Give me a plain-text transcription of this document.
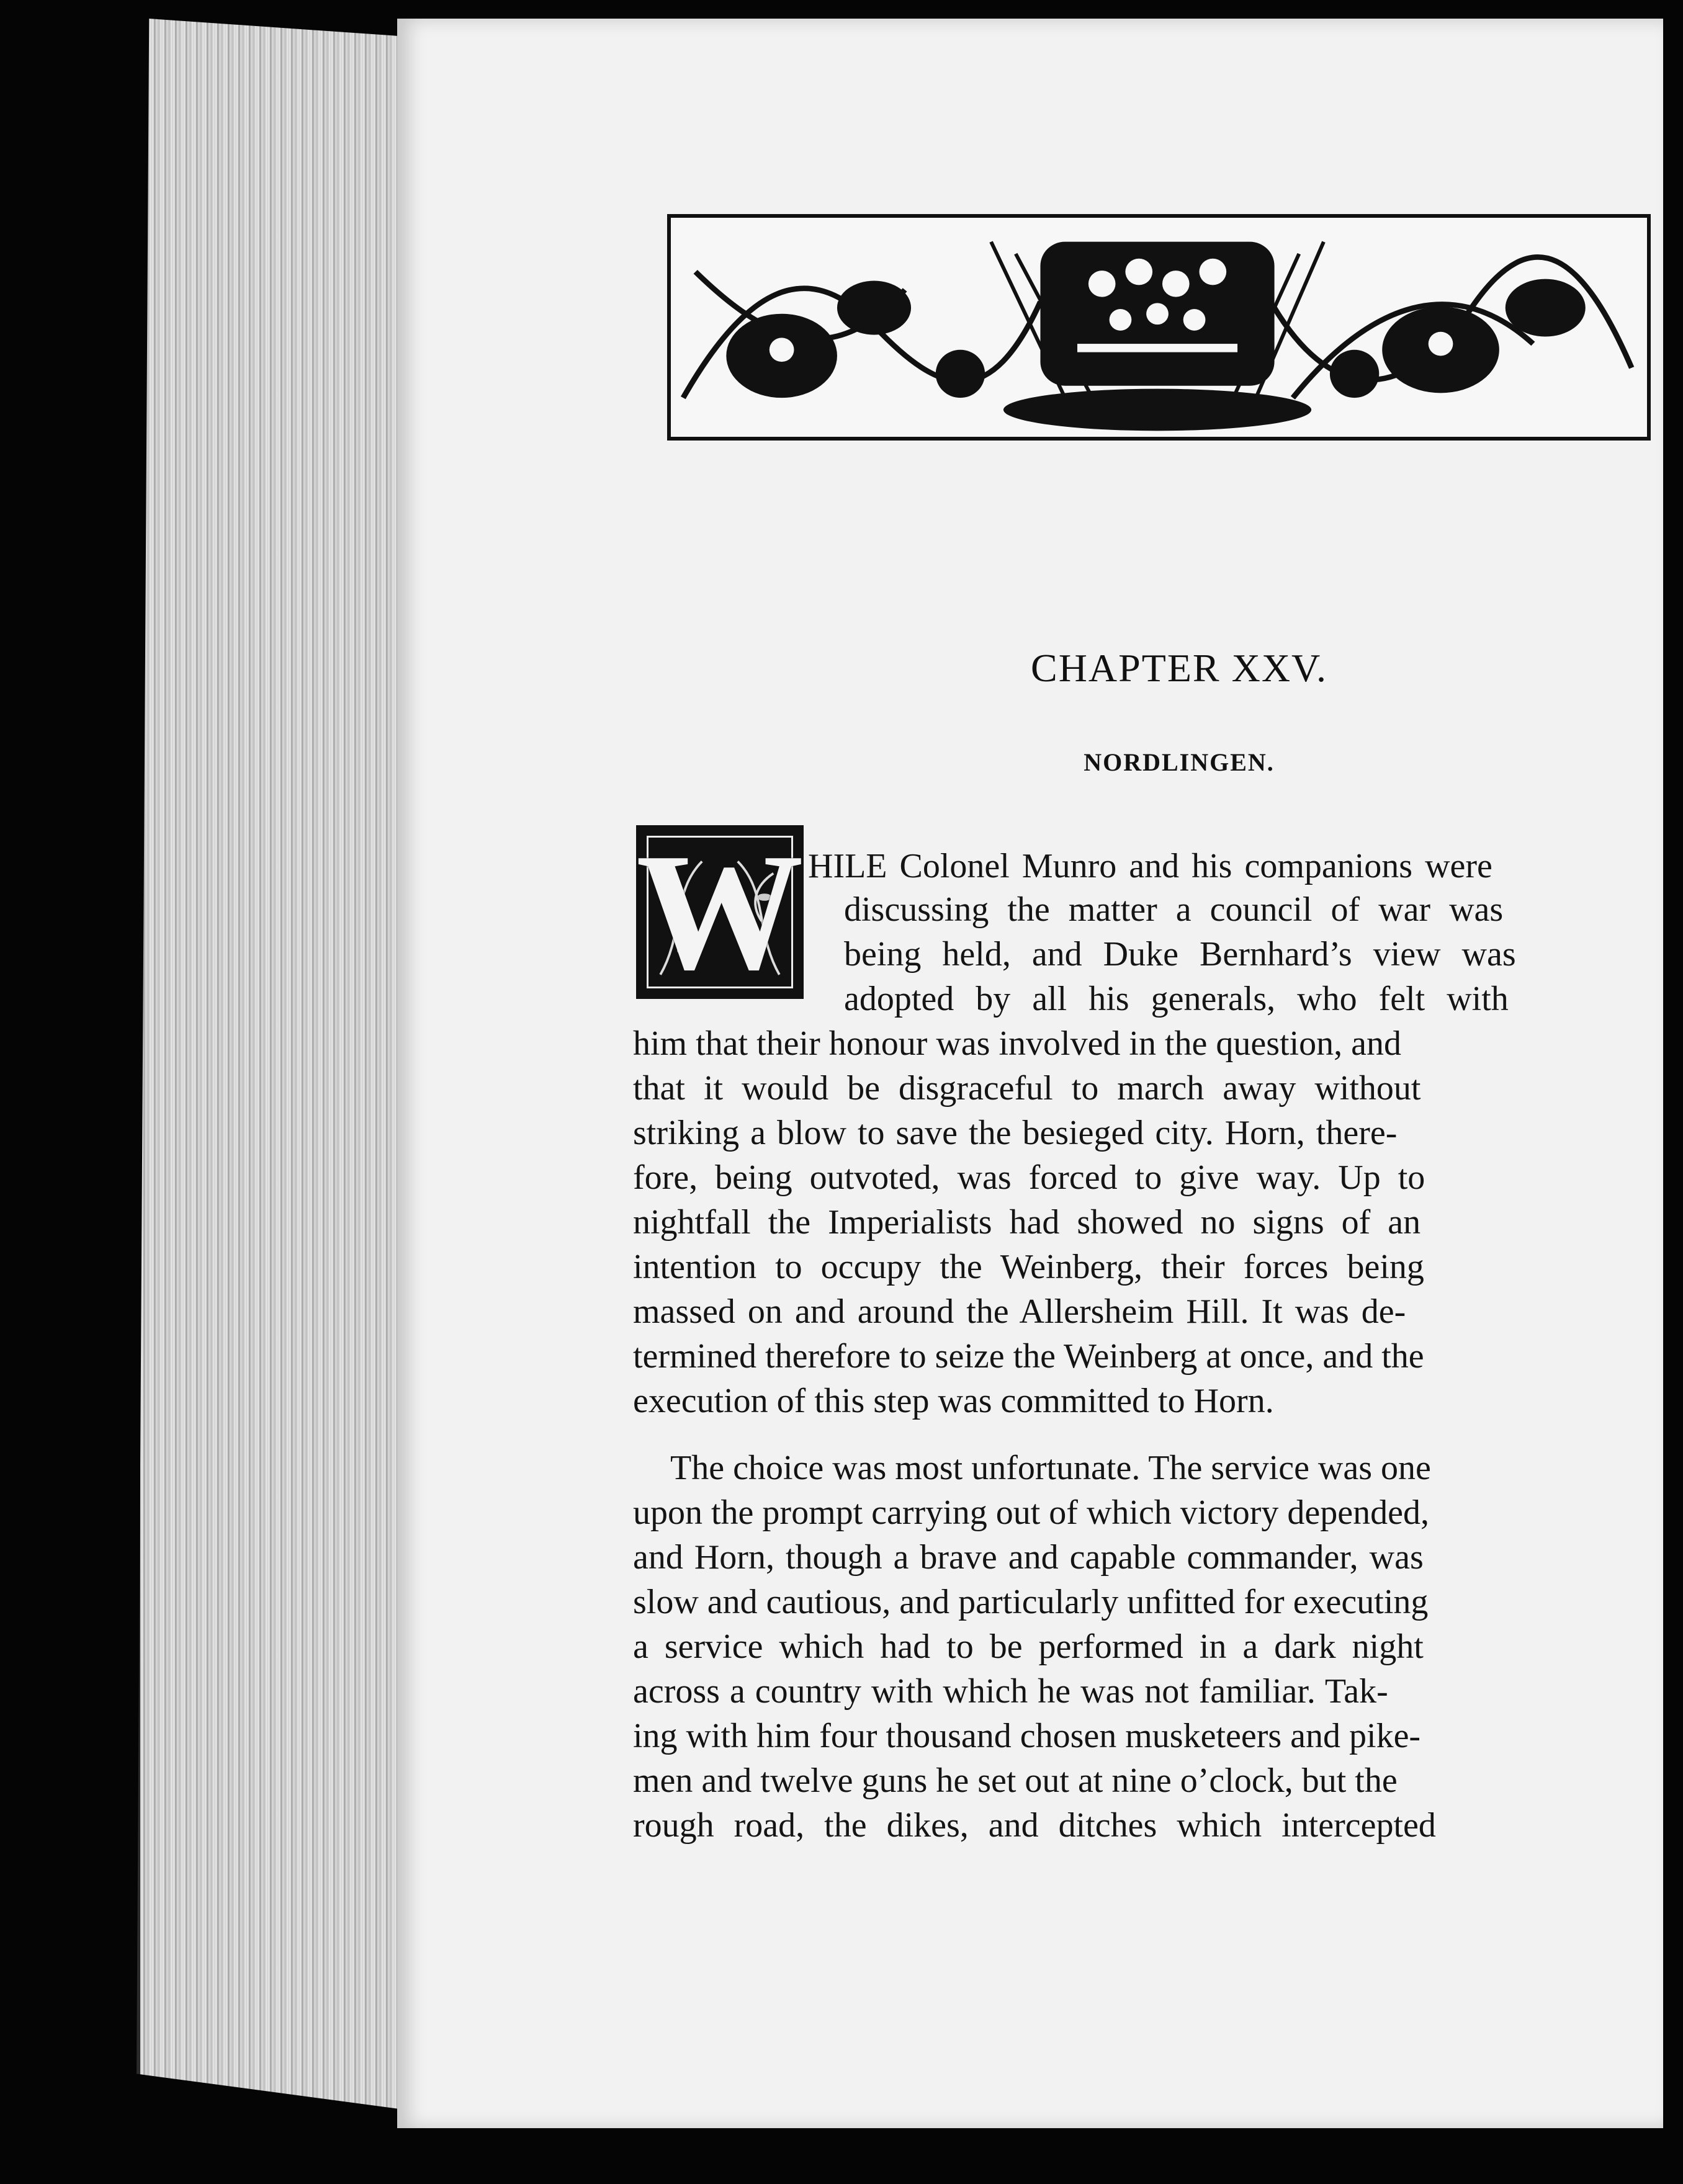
CHAPTER XXV.
NORDLINGEN.
W HILE Colonel Munro and his companions were
discussing the matter a council of war was
being held, and Duke Bernhard’s view was
adopted by all his generals, who felt with
him that their honour was involved in the question, and
that it would be disgraceful to march away without
striking a blow to save the besieged city. Horn, there-
fore, being outvoted, was forced to give way. Up to
nightfall the Imperialists had showed no signs of an
intention to occupy the Weinberg, their forces being
massed on and around the Allersheim Hill. It was de-
termined therefore to seize the Weinberg at once, and the
execution of this step was committed to Horn.
The choice was most unfortunate. The service was one
upon the prompt carrying out of which victory depended,
and Horn, though a brave and capable commander, was
slow and cautious, and particularly unfitted for executing
a service which had to be performed in a dark night
across a country with which he was not familiar. Tak-
ing with him four thousand chosen musketeers and pike-
men and twelve guns he set out at nine o’clock, but the
rough road, the dikes, and ditches which intercepted
